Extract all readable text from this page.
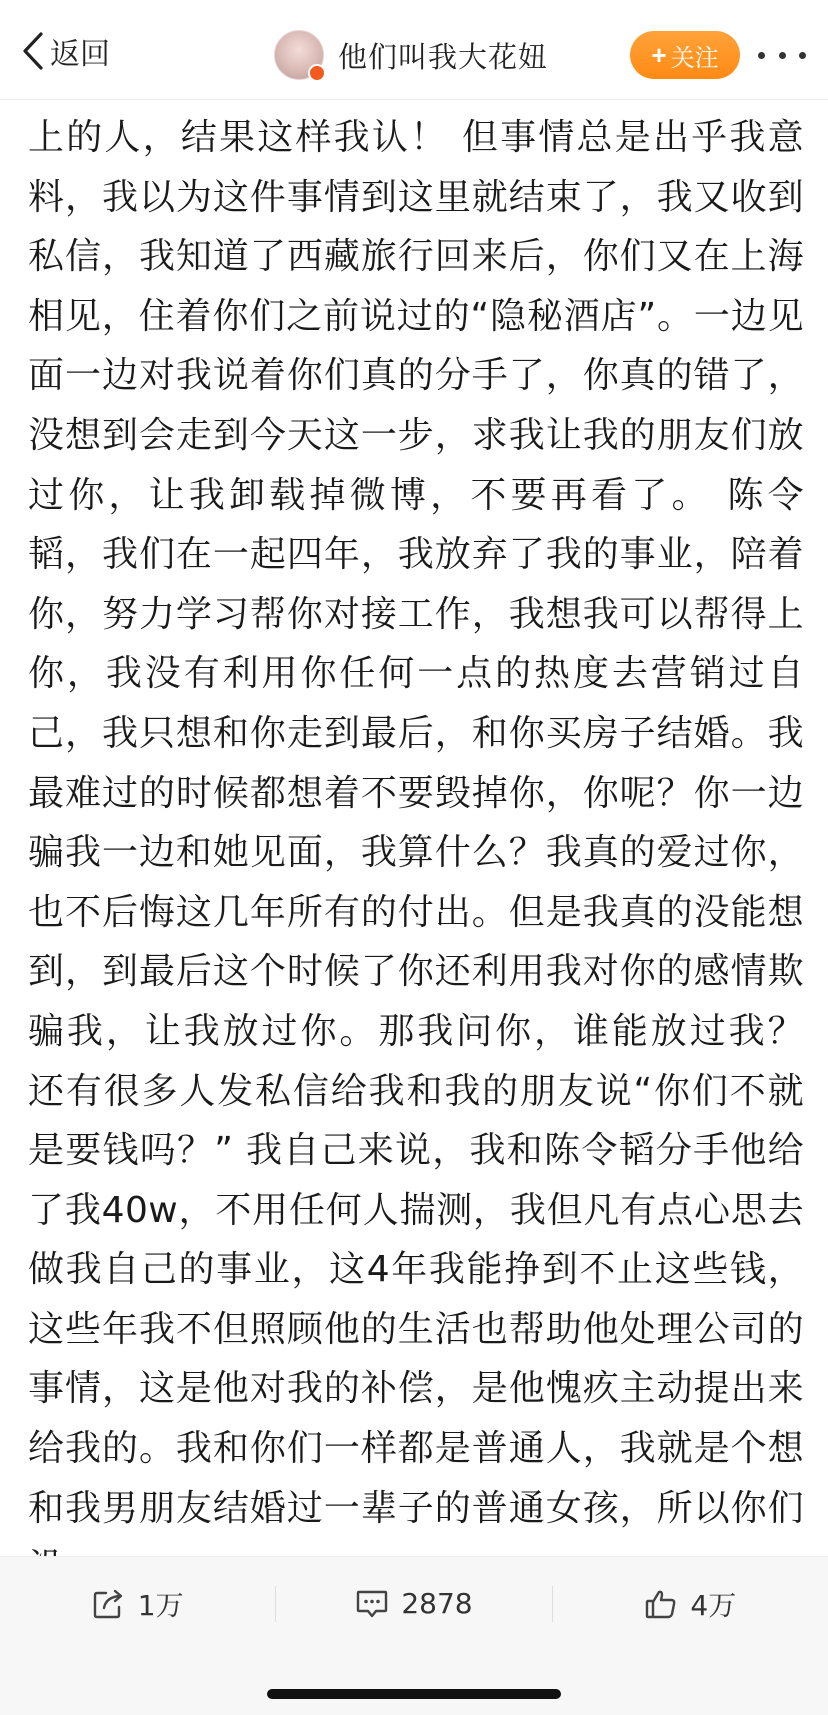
返回	他们叫我大花妞	+ 关注

上的人，结果这样我认！ 但事情总是出乎我意料，我以为这件事情到这里就结束了，我又收到私信，我知道了西藏旅行回来后，你们又在上海相见，住着你们之前说过的“隐秘酒店”。一边见面一边对我说着你们真的分手了，你真的错了，没想到会走到今天这一步，求我让我的朋友们放过你，让我卸载掉微博，不要再看了。 陈令韬，我们在一起四年，我放弃了我的事业，陪着你，努力学习帮你对接工作，我想我可以帮得上你，我没有利用你任何一点的热度去营销过自己，我只想和你走到最后，和你买房子结婚。我最难过的时候都想着不要毁掉你，你呢？你一边骗我一边和她见面，我算什么？我真的爱过你，也不后悔这几年所有的付出。但是我真的没能想到，到最后这个时候了你还利用我对你的感情欺骗我，让我放过你。那我问你，谁能放过我？ 还有很多人发私信给我和我的朋友说“你们不就是要钱吗？” 我自己来说，我和陈令韬分手他给了我40w，不用任何人揣测，我但凡有点心思去做我自己的事业，这4年我能挣到不止这些钱，这些年我不但照顾他的生活也帮助他处理公司的事情，这是他对我的补偿，是他愧疚主动提出来给我的。我和你们一样都是普通人，我就是个想和我男朋友结婚过一辈子的普通女孩，所以你们

1万	2878	4万
